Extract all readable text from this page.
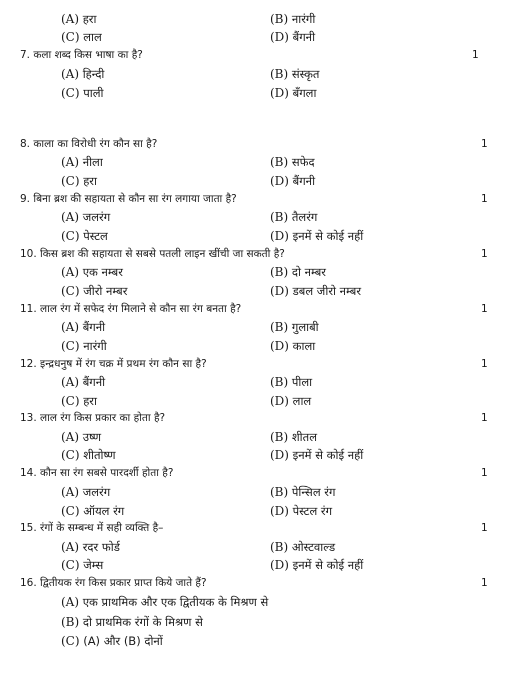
(A) हरा	(B) नारंगी
(C) लाल	(D) बैंगनी
7. कला शब्द किस भाषा का है?	1
(A) हिन्दी	(B) संस्कृत
(C) पाली	(D) बँगला
8. काला का विरोधी रंग कौन सा है?	1
(A) नीला	(B) सफेद
(C) हरा	(D) बैंगनी
9. बिना ब्रश की सहायता से कौन सा रंग लगाया जाता है?	1
(A) जलरंग	(B) तैलरंग
(C) पेस्टल	(D) इनमें से कोई नहीं
10. किस ब्रश की सहायता से सबसे पतली लाइन खींची जा सकती है?	1
(A) एक नम्बर	(B) दो नम्बर
(C) जीरो नम्बर	(D) डबल जीरो नम्बर
11. लाल रंग में सफेद रंग मिलाने से कौन सा रंग बनता है?	1
(A) बैंगनी	(B) गुलाबी
(C) नारंगी	(D) काला
12. इन्द्रधनुष में रंग चक्र में प्रथम रंग कौन सा है?	1
(A) बैंगनी	(B) पीला
(C) हरा	(D) लाल
13. लाल रंग किस प्रकार का होता है?	1
(A) उष्ण	(B) शीतल
(C) शीतोष्ण	(D) इनमें से कोई नहीं
14. कौन सा रंग सबसे पारदर्शी होता है?	1
(A) जलरंग	(B) पेन्सिल रंग
(C) ऑयल रंग	(D) पेस्टल रंग
15. रंगों के सम्बन्ध में सही व्यक्ति है–	1
(A) रदर फोर्ड	(B) ओस्टवाल्ड
(C) जेम्स	(D) इनमें से कोई नहीं
16. द्वितीयक रंग किस प्रकार प्राप्त किये जाते हैं?	1
(A) एक प्राथमिक और एक द्वितीयक के मिश्रण से
(B) दो प्राथमिक रंगों के मिश्रण से
(C) (A) और (B) दोनों
